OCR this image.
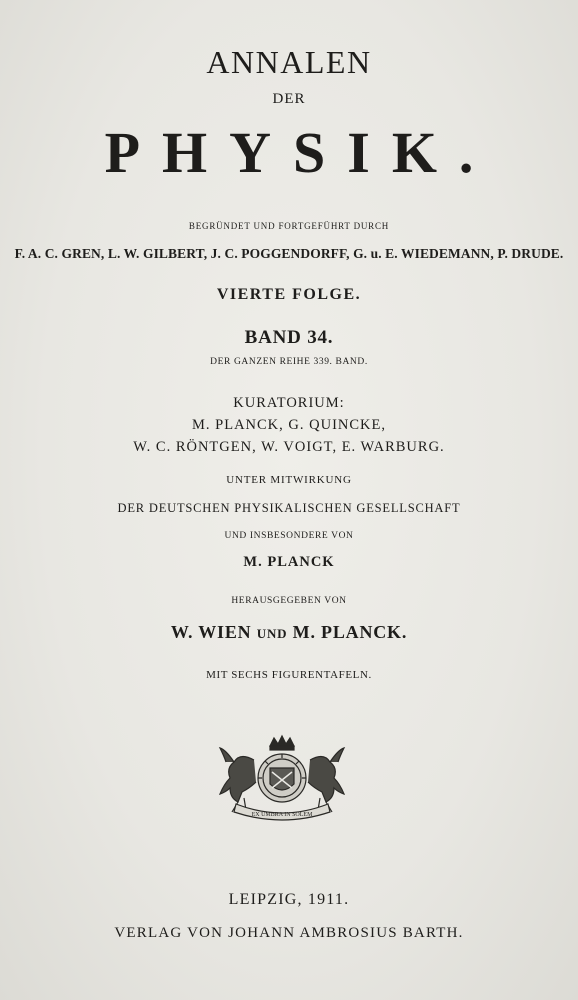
ANNALEN
DER
PHYSIK.
BEGRÜNDET UND FORTGEFÜHRT DURCH
F. A. C. GREN, L. W. GILBERT, J. C. POGGENDORFF, G. u. E. WIEDEMANN, P. DRUDE.
VIERTE FOLGE.
BAND 34.
DER GANZEN REIHE 339. BAND.
KURATORIUM:
M. PLANCK, G. QUINCKE,
W. C. RÖNTGEN, W. VOIGT, E. WARBURG.
UNTER MITWIRKUNG
DER DEUTSCHEN PHYSIKALISCHEN GESELLSCHAFT
UND INSBESONDERE VON
M. PLANCK
HERAUSGEGEBEN VON
W. WIEN UND M. PLANCK.
MIT SECHS FIGURENTAFELN.
EX UMBRA IN SOLEM
LEIPZIG, 1911.
VERLAG VON JOHANN AMBROSIUS BARTH.
